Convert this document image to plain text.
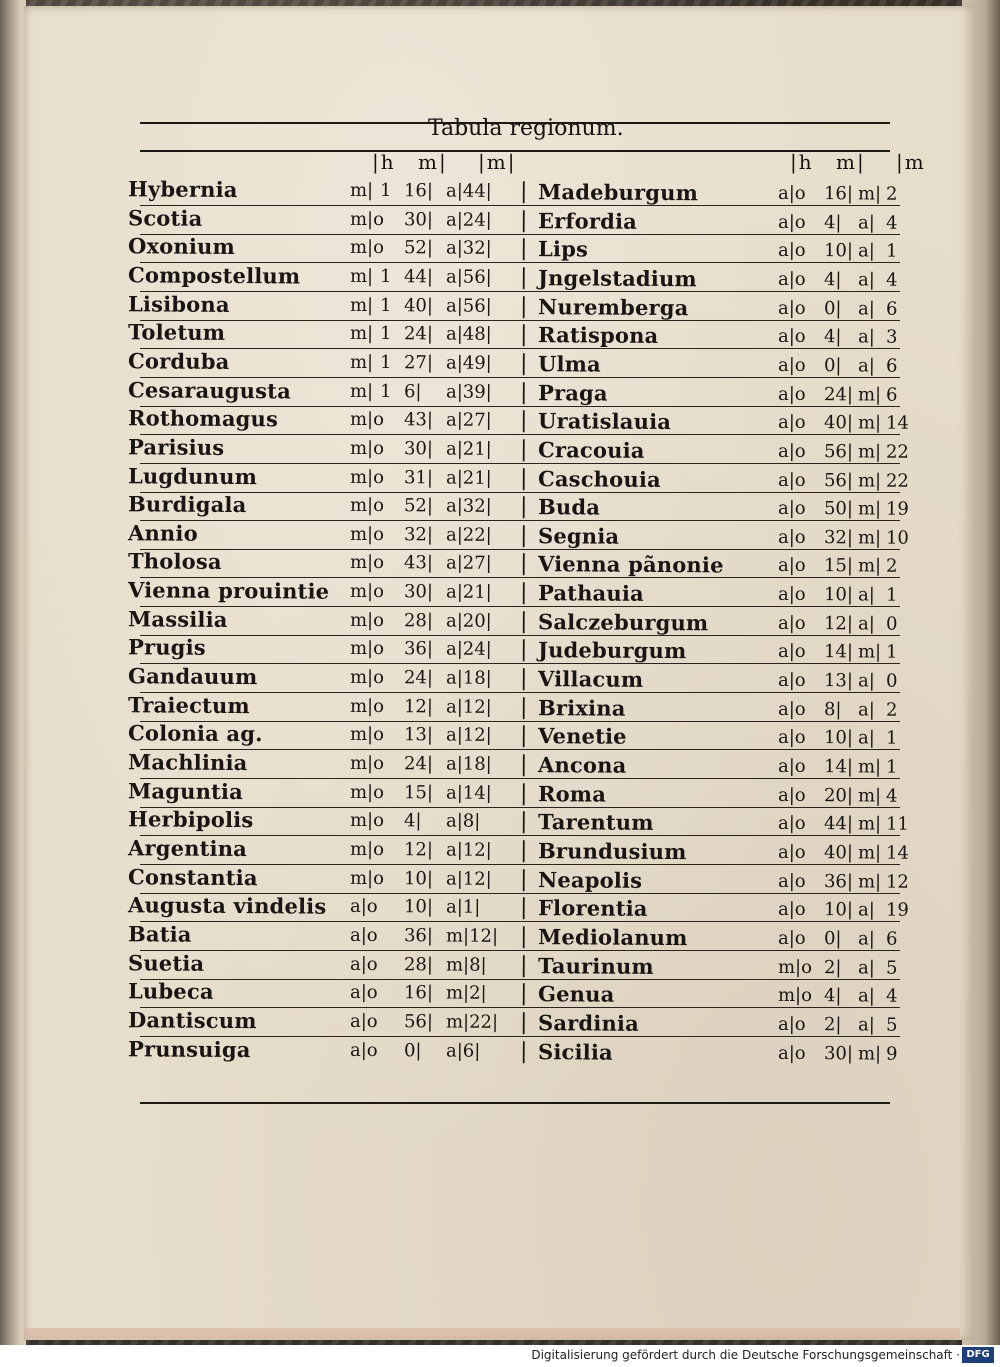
Tabula regionum.
|h m| |m|	|h m| |m
Hybernia	m| 1 16| a|44| | Madeburgum	a|o 16| m| 2
Scotia	m|o 30| a|24| | Erfordia	a|o 4| a| 4
Oxonium	m|o 52| a|32| | Lips	a|o 10| a| 1
Compostellum	m| 1 44| a|56| | Jngelstadium	a|o 4| a| 4
Lisibona	m| 1 40| a|56| | Nuremberga	a|o 0| a| 6
Toletum	m| 1 24| a|48| | Ratispona	a|o 4| a| 3
Corduba	m| 1 27| a|49| | Ulma	a|o 0| a| 6
Cesaraugusta	m| 1 6| a|39| | Praga	a|o 24| m| 6
Rothomagus	m|o 43| a|27| | Uratislauia	a|o 40| m| 14
Parisius	m|o 30| a|21| | Cracouia	a|o 56| m| 22
Lugdunum	m|o 31| a|21| | Caschouia	a|o 56| m| 22
Burdigala	m|o 52| a|32| | Buda	a|o 50| m| 19
Annio	m|o 32| a|22| | Segnia	a|o 32| m| 10
Tholosa	m|o 43| a|27| | Vienna pãnonie	a|o 15| m| 2
Vienna prouintie m|o 30| a|21| | Pathauia	a|o 10| a| 1
Massilia	m|o 28| a|20| | Salczeburgum	a|o 12| a| 0
Prugis	m|o 36| a|24| | Judeburgum	a|o 14| m| 1
Gandauum	m|o 24| a|18| | Villacum	a|o 13| a| 0
Traiectum	m|o 12| a|12| | Brixina	a|o 8| a| 2
Colonia ag.	m|o 13| a|12| | Venetie	a|o 10| a| 1
Machlinia	m|o 24| a|18| | Ancona	a|o 14| m| 1
Maguntia	m|o 15| a|14| | Roma	a|o 20| m| 4
Herbipolis	m|o 4| a|8| | Tarentum	a|o 44| m| 11
Argentina	m|o 12| a|12| | Brundusium	a|o 40| m| 14
Constantia	m|o 10| a|12| | Neapolis	a|o 36| m| 12
Augusta vindelis a|o 10| a|1| | Florentia	a|o 10| a| 19
Batia	a|o 36| m|12| | Mediolanum	a|o 0| a| 6
Suetia	a|o 28| m|8| | Taurinum	m|o 2| a| 5
Lubeca	a|o 16| m|2| | Genua	m|o 4| a| 4
Dantiscum	a|o 56| m|22| | Sardinia	a|o 2| a| 5
Prunsuiga	a|o 0| a|6| | Sicilia	a|o 30| m| 9
Digitalisierung gefördert durch die Deutsche Forschungsgemeinschaft · DFG
